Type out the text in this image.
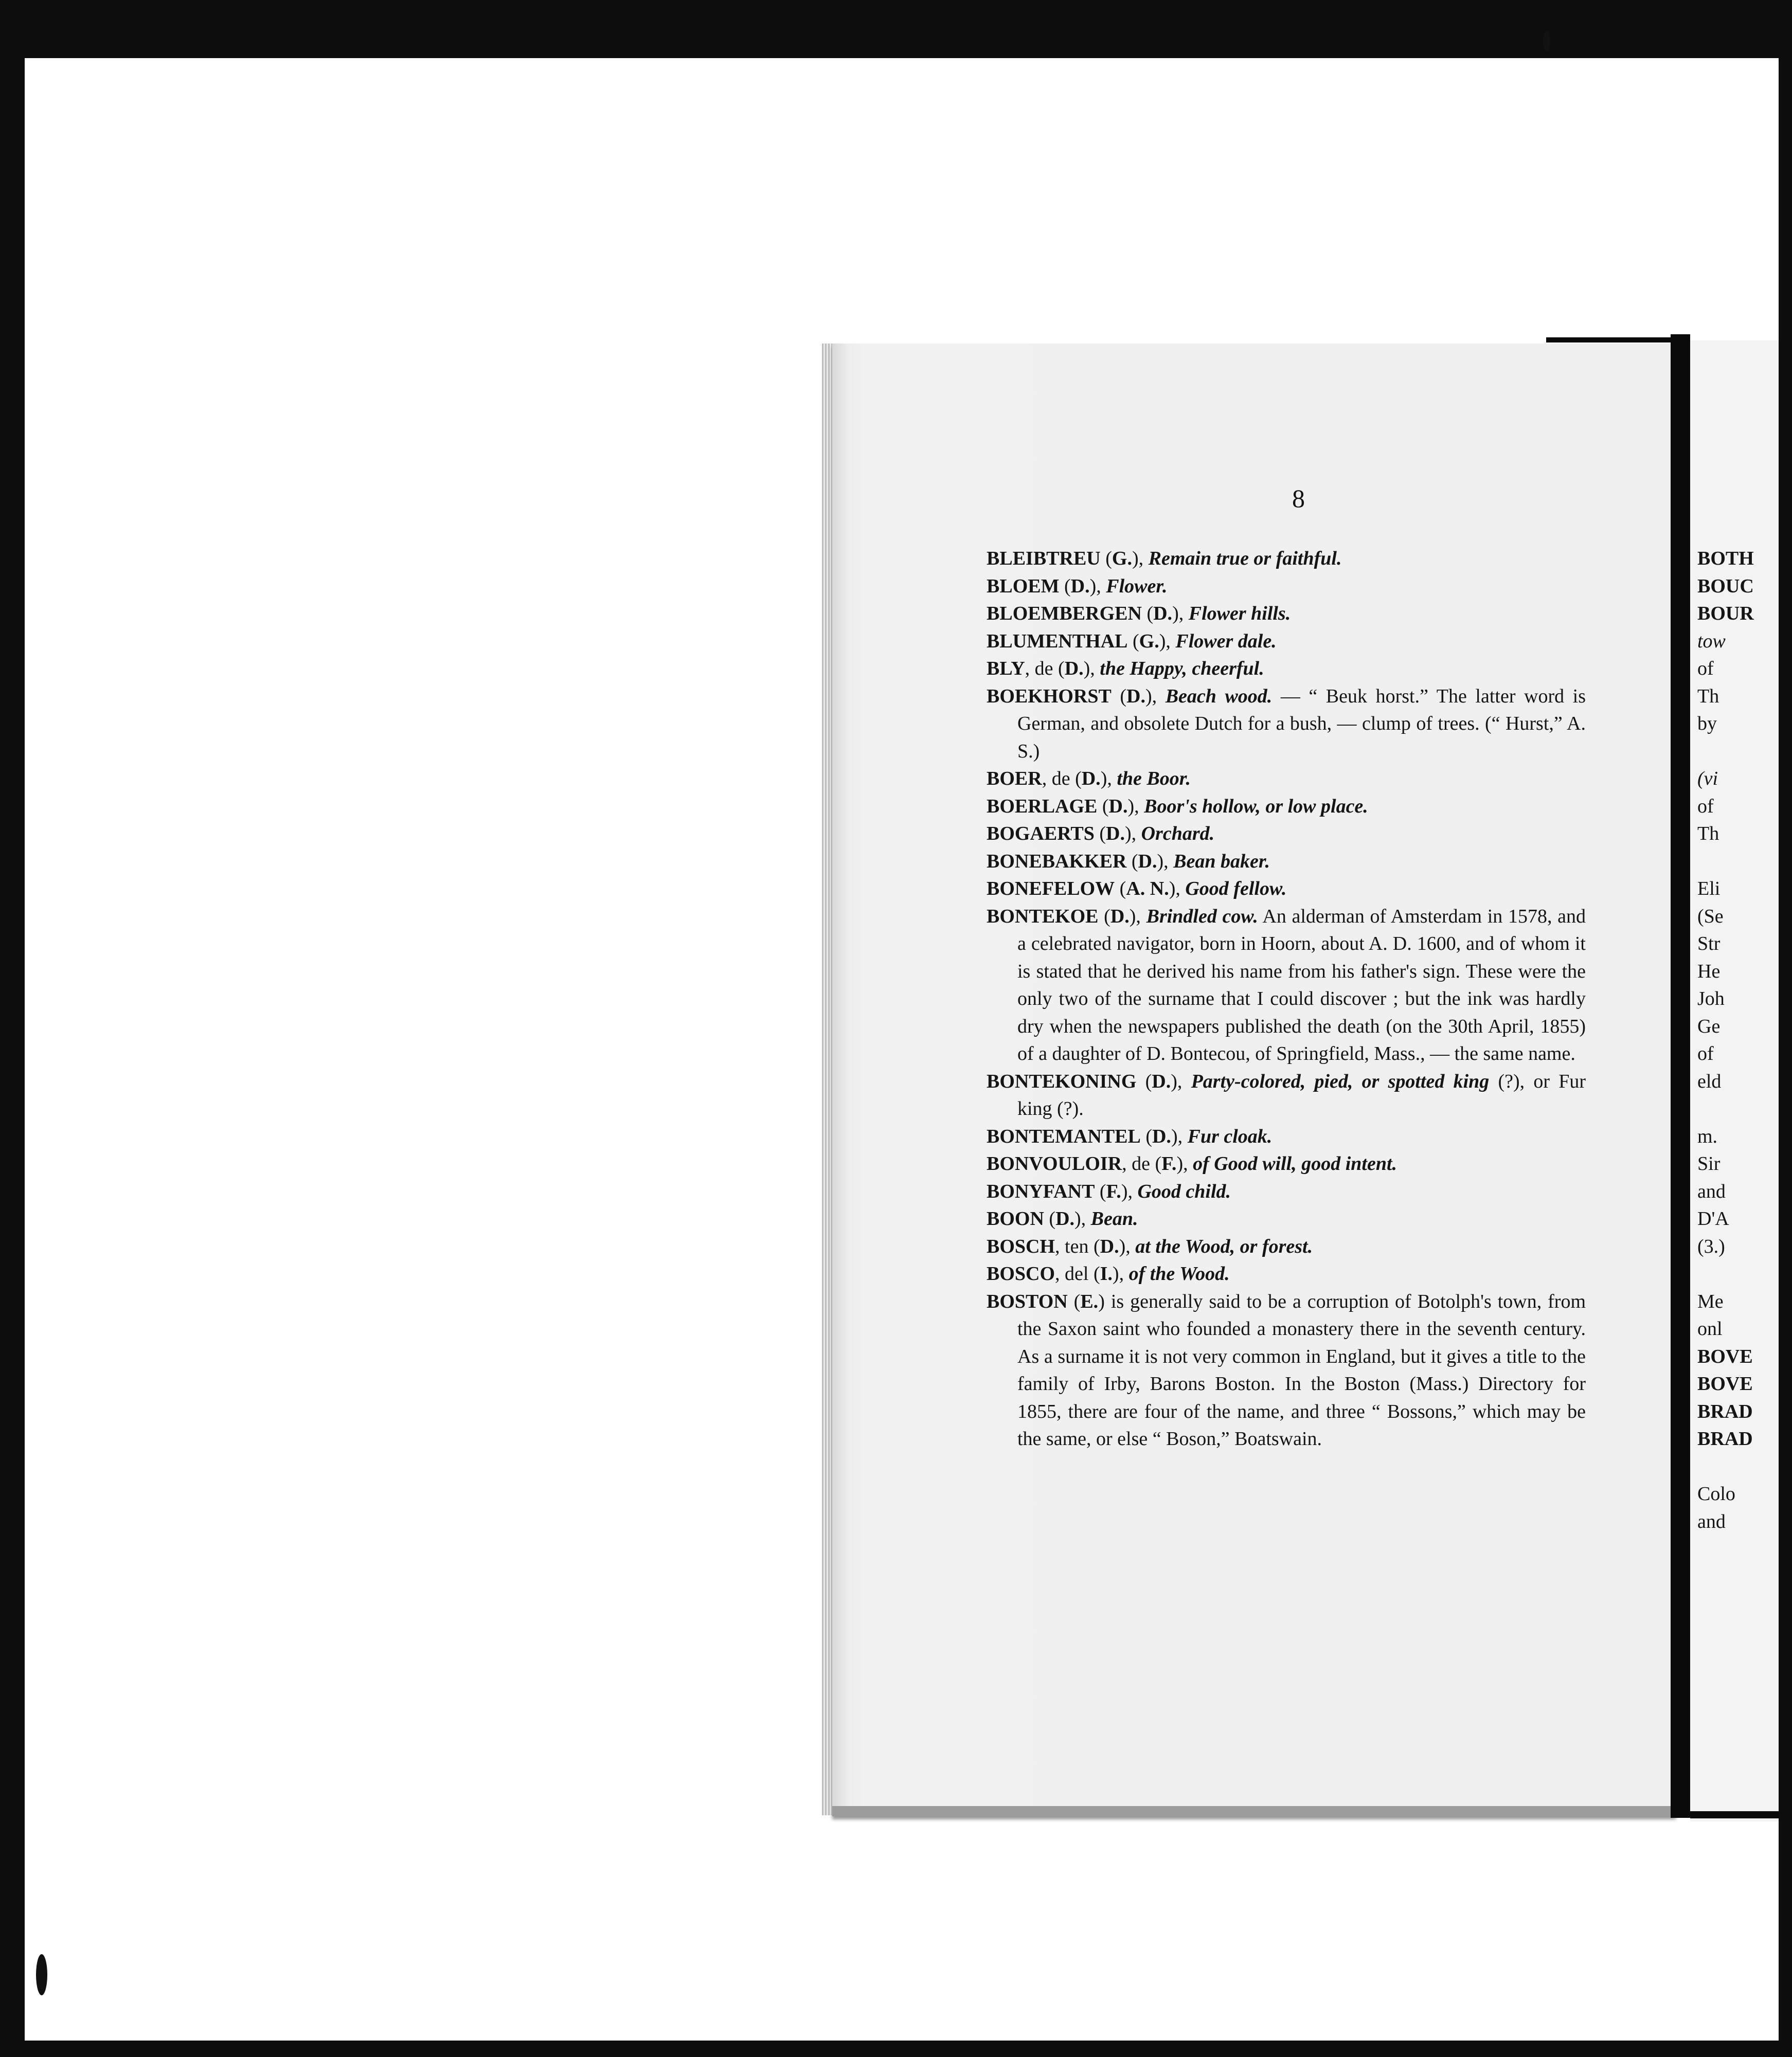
8

BLEIBTREU (G.), Remain true or faithful.

BLOEM (D.), Flower.

BLOEMBERGEN (D.), Flower hills.

BLUMENTHAL (G.), Flower dale.

BLY, de (D.), the Happy, cheerful.

BOEKHORST (D.), Beach wood. — “ Beuk horst.” The latter word is German, and obsolete Dutch for a bush, — clump of trees. (“ Hurst,” A. S.)

BOER, de (D.), the Boor.

BOERLAGE (D.), Boor's hollow, or low place.

BOGAERTS (D.), Orchard.

BONEBAKKER (D.), Bean baker.

BONEFELOW (A. N.), Good fellow.

BONTEKOE (D.), Brindled cow. An alderman of Amsterdam in 1578, and a celebrated navigator, born in Hoorn, about A. D. 1600, and of whom it is stated that he derived his name from his father's sign. These were the only two of the surname that I could discover ; but the ink was hardly dry when the newspapers published the death (on the 30th April, 1855) of a daughter of D. Bontecou, of Springfield, Mass., — the same name.

BONTEKONING (D.), Party-colored, pied, or spotted king (?), or Fur king (?).

BONTEMANTEL (D.), Fur cloak.

BONVOULOIR, de (F.), of Good will, good intent.

BONYFANT (F.), Good child.

BOON (D.), Bean.

BOSCH, ten (D.), at the Wood, or forest.

BOSCO, del (I.), of the Wood.

BOSTON (E.) is generally said to be a corruption of Botolph's town, from the Saxon saint who founded a monastery there in the seventh century. As a surname it is not very common in England, but it gives a title to the family of Irby, Barons Boston. In the Boston (Mass.) Directory for 1855, there are four of the name, and three “ Bossons,” which may be the same, or else “ Boson,” Boatswain.

BOTH
BOUC
BOUR
tow
of
Th
by
(vi
of
Th
Eli
(Se
Str
He
Joh
Ge
of
eld
m.
Sir
and
D'A
(3.)
Me
onl
BOVE
BOVE
BRAD
BRAD
Colo
and
